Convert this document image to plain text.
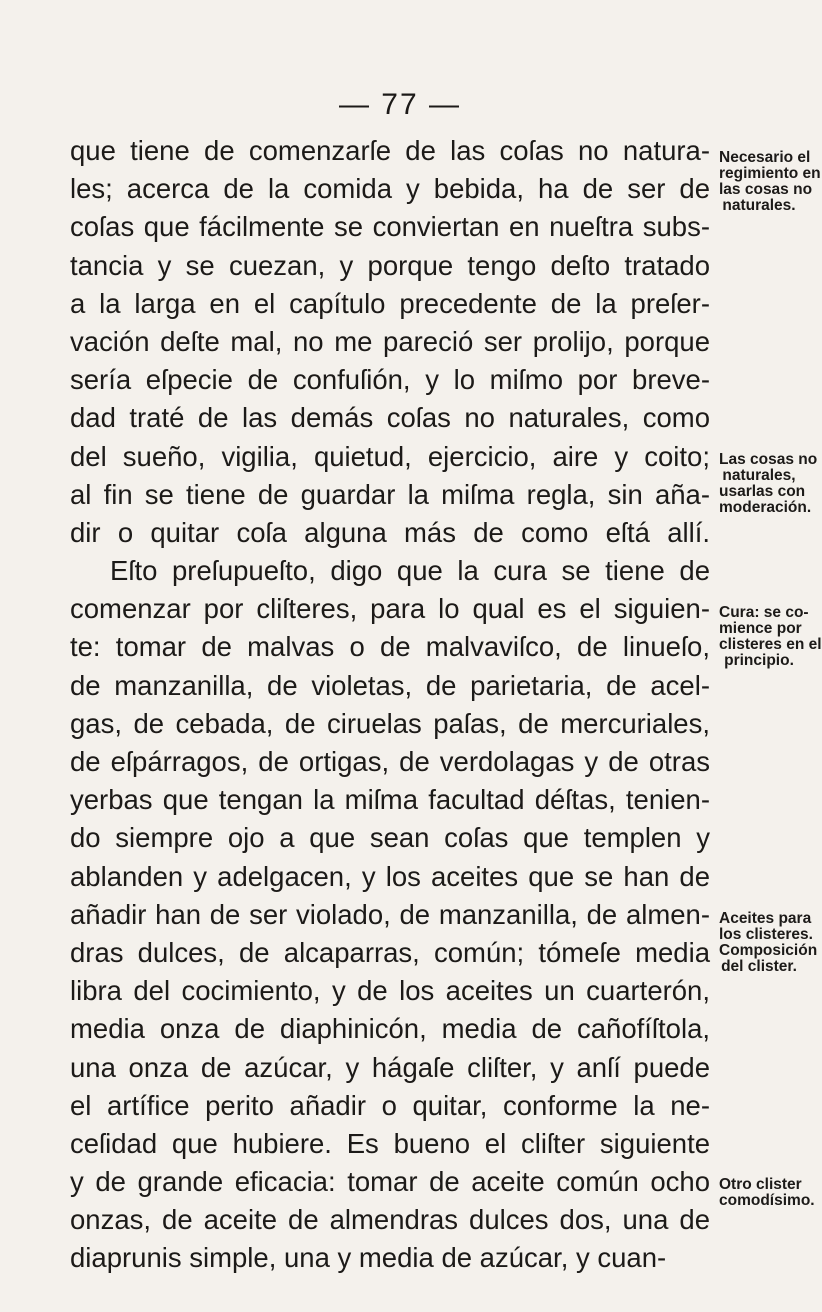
— 77 —
que tiene de comenzarſe de las coſas no natura-
les; acerca de la comida y bebida, ha de ser de
coſas que fácilmente se conviertan en nueſtra subs-
tancia y se cuezan, y porque tengo deſto tratado
a la larga en el capítulo precedente de la preſer-
vación deſte mal, no me pareció ser prolijo, porque
sería eſpecie de confuſión, y lo miſmo por breve-
dad traté de las demás coſas no naturales, como
del sueño, vigilia, quietud, ejercicio, aire y coito;
al fin se tiene de guardar la miſma regla, sin aña-
dir o quitar coſa alguna más de como eſtá allí.
Eſto preſupueſto, digo que la cura se tiene de
comenzar por cliſteres, para lo qual es el siguien-
te: tomar de malvas o de malvaviſco, de linueſo,
de manzanilla, de violetas, de parietaria, de acel-
gas, de cebada, de ciruelas paſas, de mercuriales,
de eſpárragos, de ortigas, de verdolagas y de otras
yerbas que tengan la miſma facultad déſtas, tenien-
do siempre ojo a que sean coſas que templen y
ablanden y adelgacen, y los aceites que se han de
añadir han de ser violado, de manzanilla, de almen-
dras dulces, de alcaparras, común; tómeſe media
libra del cocimiento, y de los aceites un cuarterón,
media onza de diaphinicón, media de cañofíſtola,
una onza de azúcar, y hágaſe cliſter, y anſí puede
el artífice perito añadir o quitar, conforme la ne-
ceſidad que hubiere. Es bueno el cliſter siguiente
y de grande eficacia: tomar de aceite común ocho
onzas, de aceite de almendras dulces dos, una de
diaprunis simple, una y media de azúcar, y cuan-
Necesario el
regimiento en
las cosas no
naturales.
Las cosas no
naturales,
usarlas con
moderación.
Cura: se co-
mience por
clisteres en el
principio.
Aceites para
los clisteres.
Composición
del clister.
Otro clister
comodísimo.
